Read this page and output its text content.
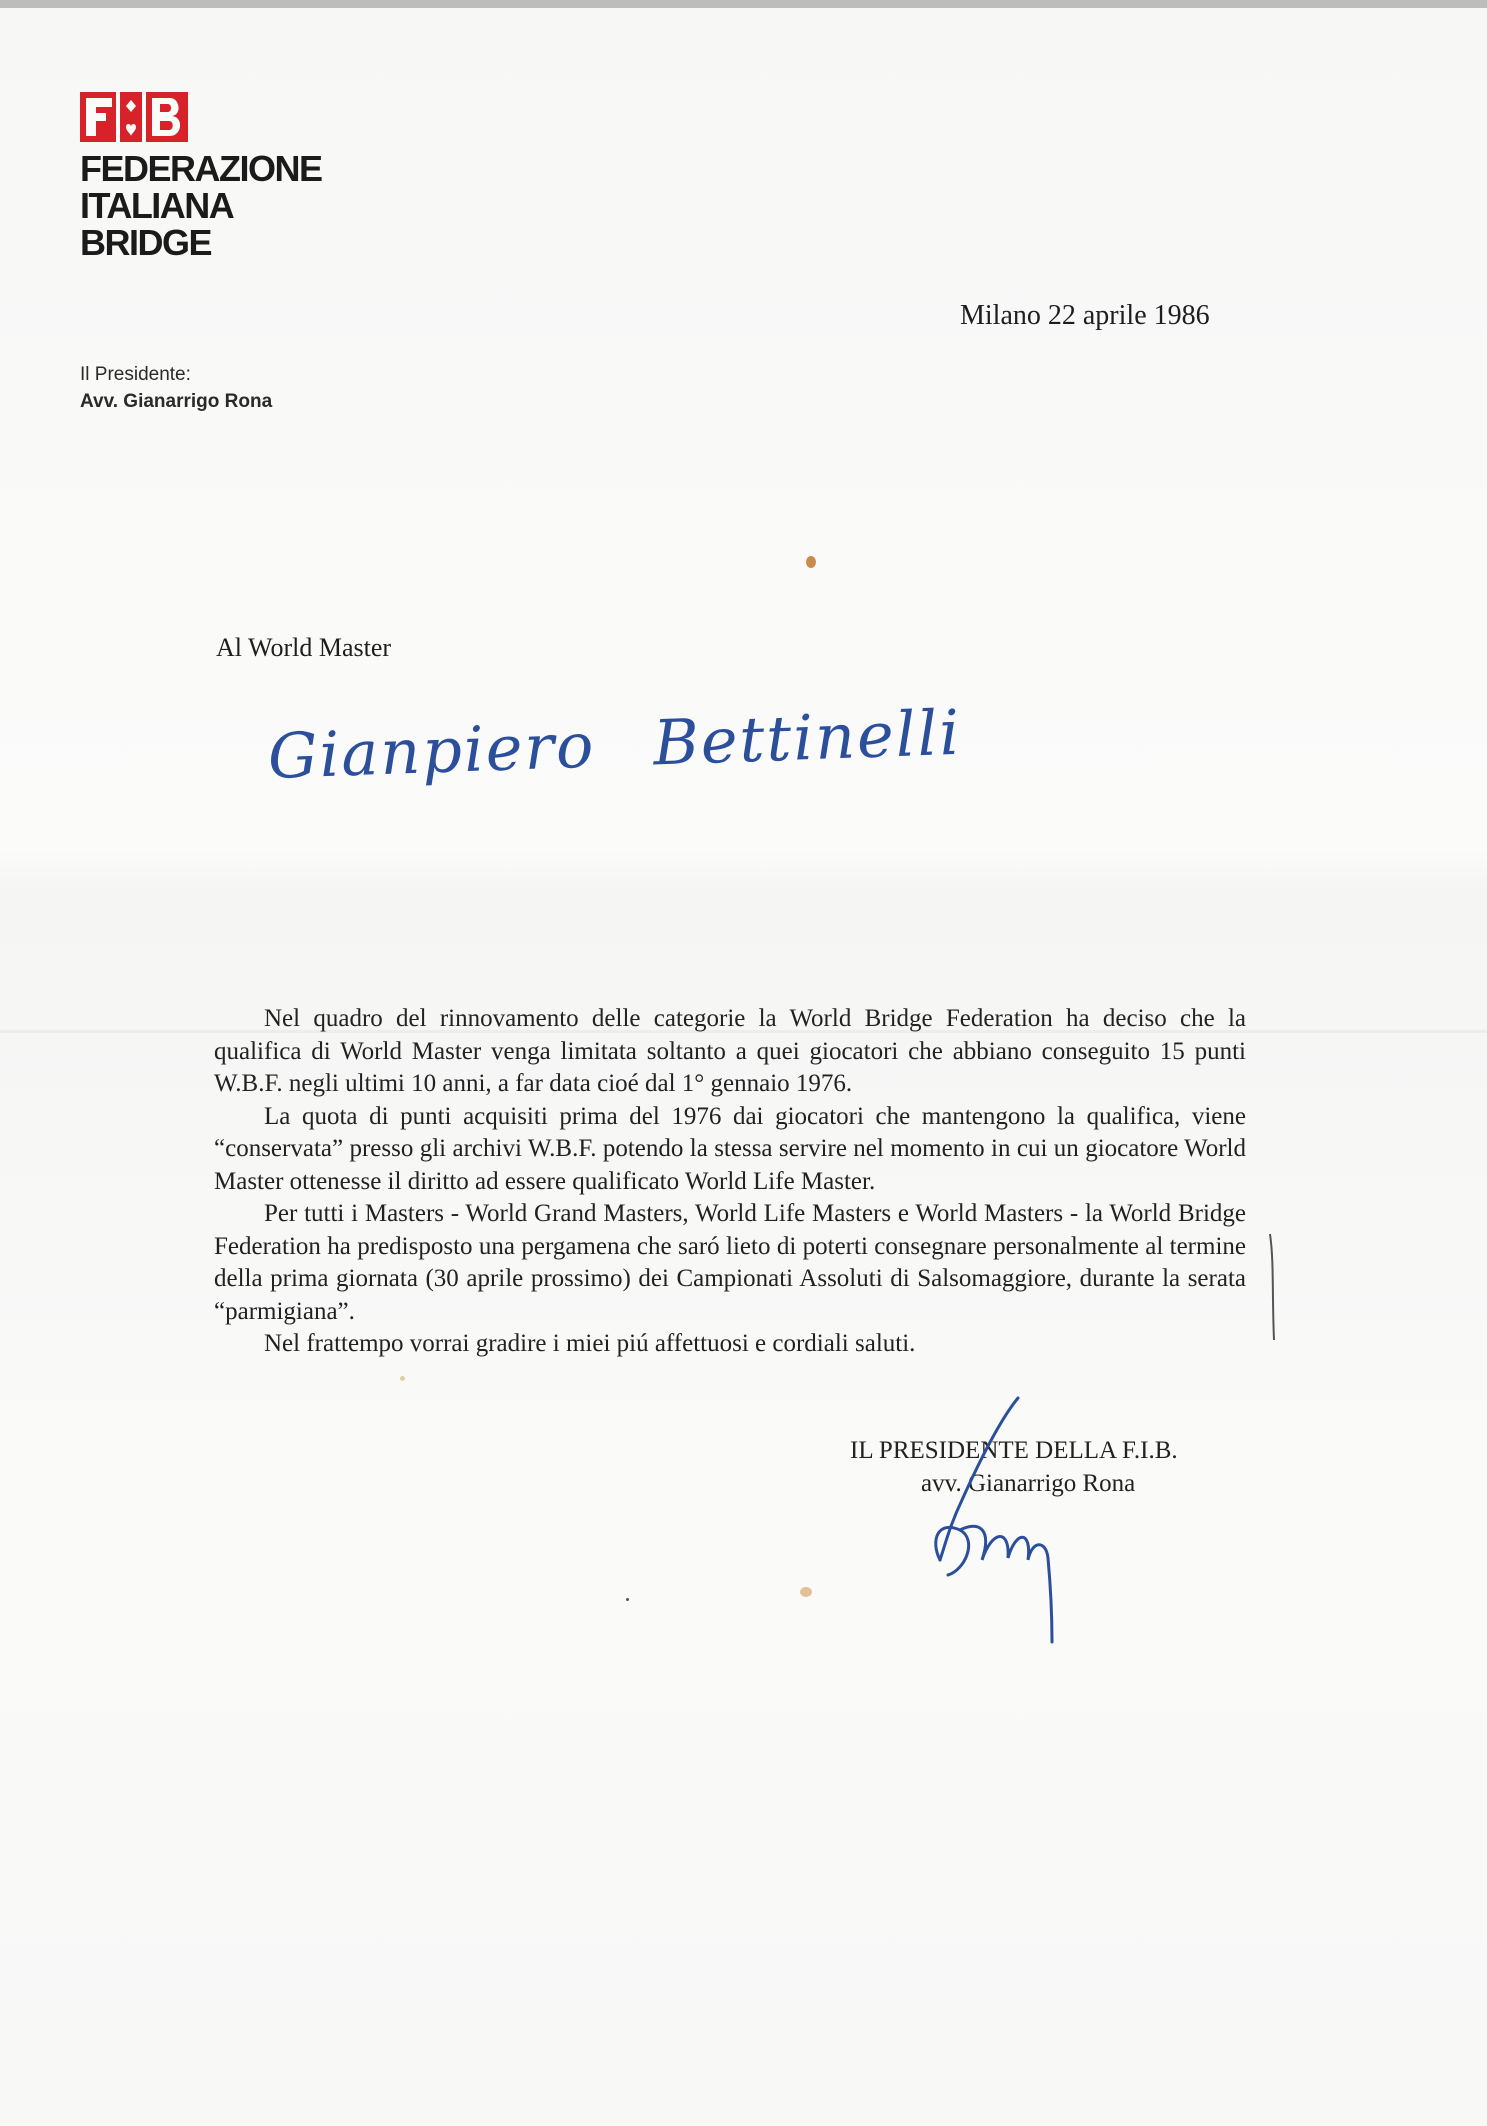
FEDERAZIONE
ITALIANA
BRIDGE
Il Presidente:
Avv. Gianarrigo Rona
Milano 22 aprile 1986
Al World Master
Gianpiero Bettinelli

Nel quadro del rinnovamento delle categorie la World Bridge Federation ha deciso che la qualifica di World Master venga limitata soltanto a quei giocatori che abbiano conseguito 15 punti W.B.F. negli ultimi 10 anni, a far data cioé dal 1° gennaio 1976.

La quota di punti acquisiti prima del 1976 dai giocatori che mantengono la qualifica, viene “conservata” presso gli archivi W.B.F. potendo la stessa servire nel momento in cui un giocatore World Master ottenesse il diritto ad essere qualificato World Life Master.

Per tutti i Masters - World Grand Masters, World Life Masters e World Masters - la World Bridge Federation ha predisposto una pergamena che saró lieto di poterti consegnare personalmente al termine della prima giornata (30 aprile prossimo) dei Campionati Assoluti di Salsomaggiore, durante la serata “parmigiana”.

Nel frattempo vorrai gradire i miei piú affettuosi e cordiali saluti.

IL PRESIDENTE DELLA F.I.B.
avv. Gianarrigo Rona
